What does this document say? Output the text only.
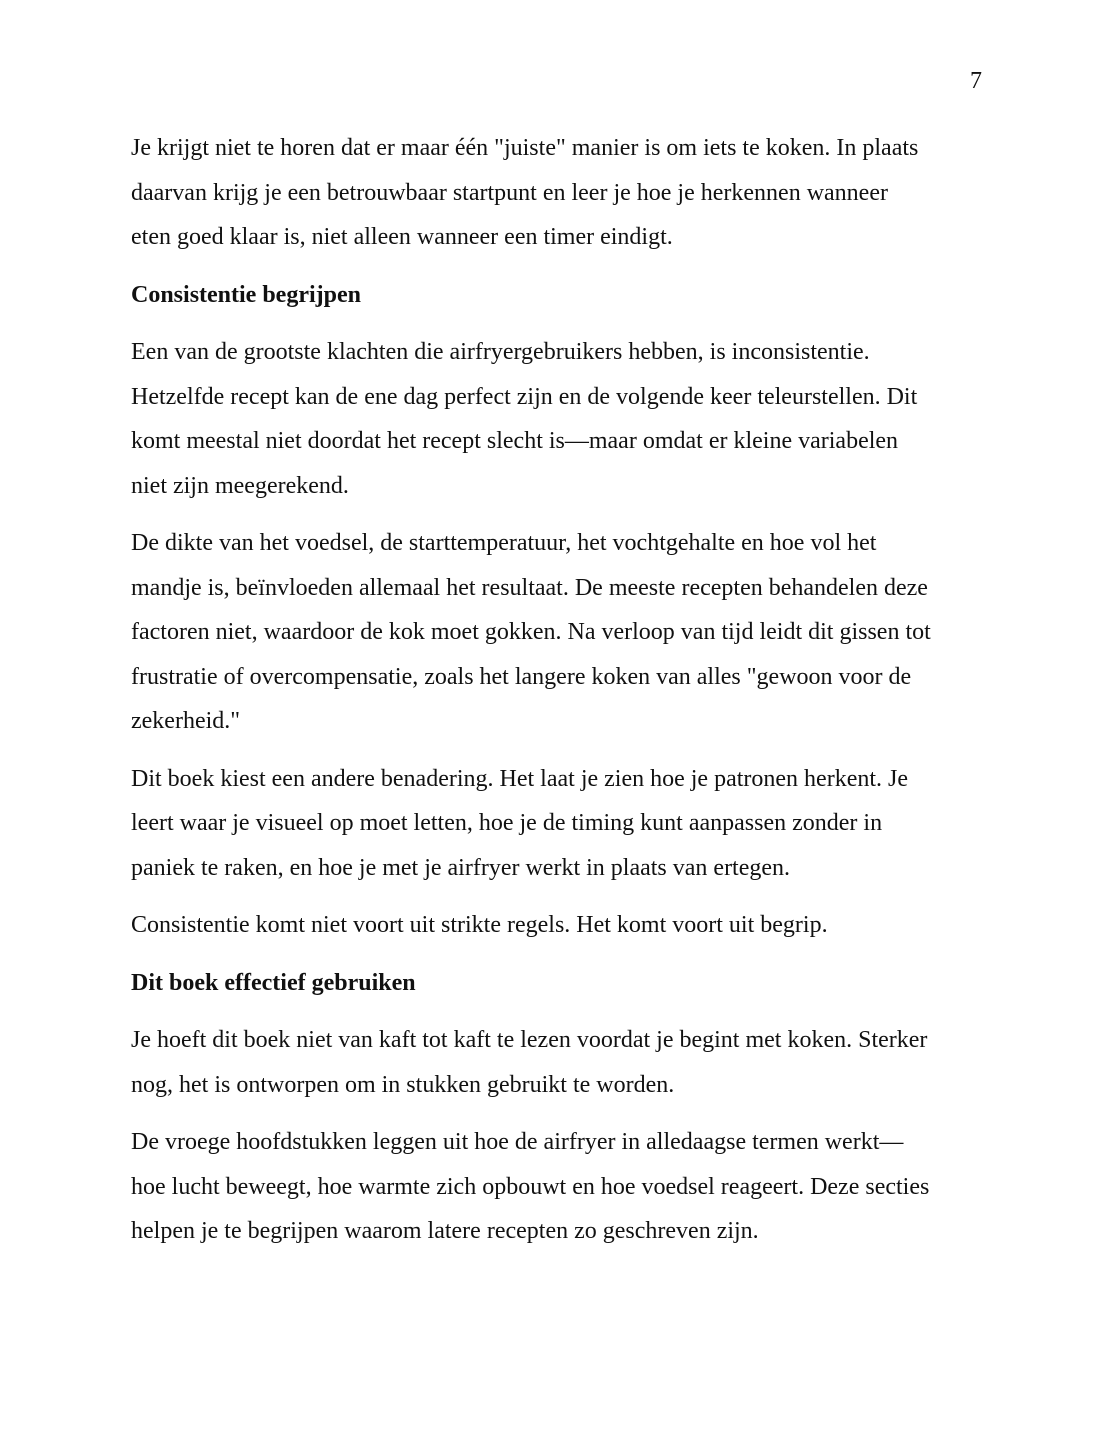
7

Je krijgt niet te horen dat er maar één "juiste" manier is om iets te koken. In plaats
daarvan krijg je een betrouwbaar startpunt en leer je hoe je herkennen wanneer
eten goed klaar is, niet alleen wanneer een timer eindigt.

Consistentie begrijpen

Een van de grootste klachten die airfryergebruikers hebben, is inconsistentie.
Hetzelfde recept kan de ene dag perfect zijn en de volgende keer teleurstellen. Dit
komt meestal niet doordat het recept slecht is—maar omdat er kleine variabelen
niet zijn meegerekend.

De dikte van het voedsel, de starttemperatuur, het vochtgehalte en hoe vol het
mandje is, beïnvloeden allemaal het resultaat. De meeste recepten behandelen deze
factoren niet, waardoor de kok moet gokken. Na verloop van tijd leidt dit gissen tot
frustratie of overcompensatie, zoals het langere koken van alles "gewoon voor de
zekerheid."

Dit boek kiest een andere benadering. Het laat je zien hoe je patronen herkent. Je
leert waar je visueel op moet letten, hoe je de timing kunt aanpassen zonder in
paniek te raken, en hoe je met je airfryer werkt in plaats van ertegen.

Consistentie komt niet voort uit strikte regels. Het komt voort uit begrip.

Dit boek effectief gebruiken

Je hoeft dit boek niet van kaft tot kaft te lezen voordat je begint met koken. Sterker
nog, het is ontworpen om in stukken gebruikt te worden.

De vroege hoofdstukken leggen uit hoe de airfryer in alledaagse termen werkt—
hoe lucht beweegt, hoe warmte zich opbouwt en hoe voedsel reageert. Deze secties
helpen je te begrijpen waarom latere recepten zo geschreven zijn.
